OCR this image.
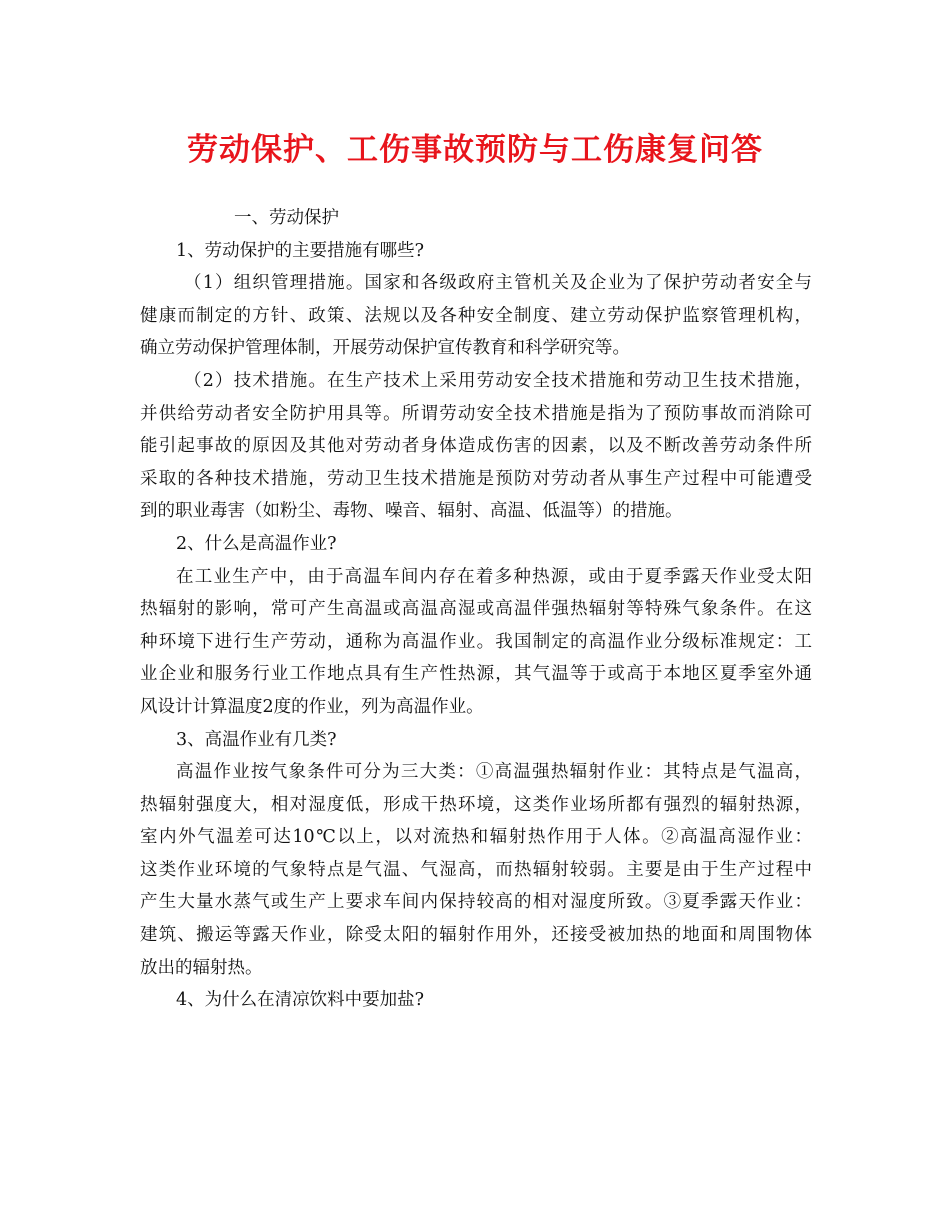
劳动保护、工伤事故预防与工伤康复问答
一、劳动保护
1、劳动保护的主要措施有哪些?
（1）组织管理措施。国家和各级政府主管机关及企业为了保护劳动者安全与
健康而制定的方针、政策、法规以及各种安全制度、建立劳动保护监察管理机构，
确立劳动保护管理体制，开展劳动保护宣传教育和科学研究等。
（2）技术措施。在生产技术上采用劳动安全技术措施和劳动卫生技术措施，
并供给劳动者安全防护用具等。所谓劳动安全技术措施是指为了预防事故而消除可
能引起事故的原因及其他对劳动者身体造成伤害的因素，以及不断改善劳动条件所
采取的各种技术措施，劳动卫生技术措施是预防对劳动者从事生产过程中可能遭受
到的职业毒害（如粉尘、毒物、噪音、辐射、高温、低温等）的措施。
2、什么是高温作业?
在工业生产中，由于高温车间内存在着多种热源，或由于夏季露天作业受太阳
热辐射的影响，常可产生高温或高温高湿或高温伴强热辐射等特殊气象条件。在这
种环境下进行生产劳动，通称为高温作业。我国制定的高温作业分级标准规定：工
业企业和服务行业工作地点具有生产性热源，其气温等于或高于本地区夏季室外通
风设计计算温度2度的作业，列为高温作业。
3、高温作业有几类?
高温作业按气象条件可分为三大类：①高温强热辐射作业：其特点是气温高，
热辐射强度大，相对湿度低，形成干热环境，这类作业场所都有强烈的辐射热源，
室内外气温差可达10℃以上，以对流热和辐射热作用于人体。②高温高湿作业：
这类作业环境的气象特点是气温、气湿高，而热辐射较弱。主要是由于生产过程中
产生大量水蒸气或生产上要求车间内保持较高的相对湿度所致。③夏季露天作业：
建筑、搬运等露天作业，除受太阳的辐射作用外，还接受被加热的地面和周围物体
放出的辐射热。
4、为什么在清凉饮料中要加盐?
